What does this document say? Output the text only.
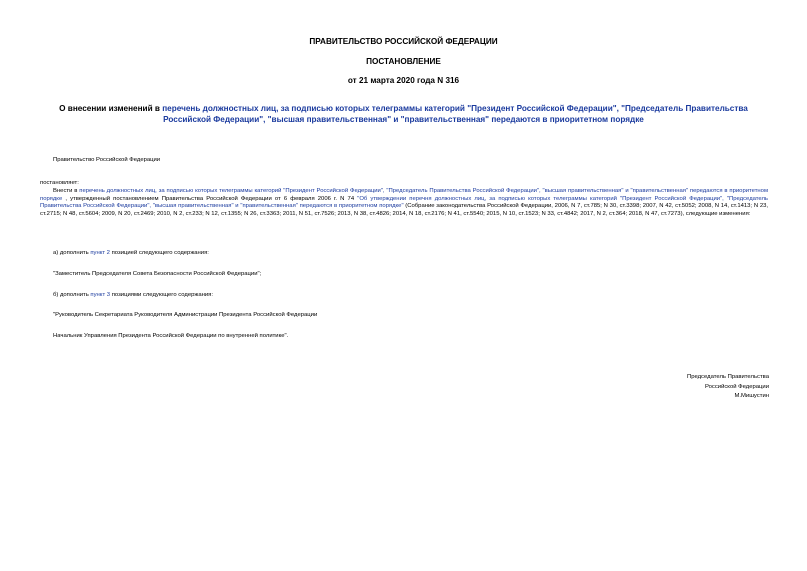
ПРАВИТЕЛЬСТВО РОССИЙСКОЙ ФЕДЕРАЦИИ
ПОСТАНОВЛЕНИЕ
от 21 марта 2020 года N 316
О внесении изменений в перечень должностных лиц, за подписью которых телеграммы категорий "Президент Российской Федерации", "Председатель Правительства Российской Федерации", "высшая правительственная" и "правительственная" передаются в приоритетном порядке
Правительство Российской Федерации
постановляет:
Внести в перечень должностных лиц, за подписью которых телеграммы категорий "Президент Российской Федерации", "Председатель Правительства Российской Федерации", "высшая правительственная" и "правительственная" передаются в приоритетном порядке , утвержденный постановлением Правительства Российской Федерации от 6 февраля 2006 г. N 74 "Об утверждении перечня должностных лиц, за подписью которых телеграммы категорий "Президент Российской Федерации", "Председатель Правительства Российской Федерации", "высшая правительственная" и "правительственная" передаются в приоритетном порядке" (Собрание законодательства Российской Федерации, 2006, N 7, ст.785; N 30, ст.3398; 2007, N 42, ст.5052; 2008, N 14, ст.1413; N 23, ст.2715; N 48, ст.5604; 2009, N 20, ст.2469; 2010, N 2, ст.233; N 12, ст.1355; N 26, ст.3363; 2011, N 51, ст.7526; 2013, N 38, ст.4826; 2014, N 18, ст.2176; N 41, ст.5540; 2015, N 10, ст.1523; N 33, ст.4842; 2017, N 2, ст.364; 2018, N 47, ст.7273), следующие изменения:
а) дополнить пункт 2 позицией следующего содержания:
"Заместитель Председателя Совета Безопасности Российской Федерации";
б) дополнить пункт 3 позициями следующего содержания:
"Руководитель Секретариата Руководителя Администрации Президента Российской Федерации
Начальник Управления Президента Российской Федерации по внутренней политике".
Председатель Правительства
Российской Федерации
М.Мишустин
